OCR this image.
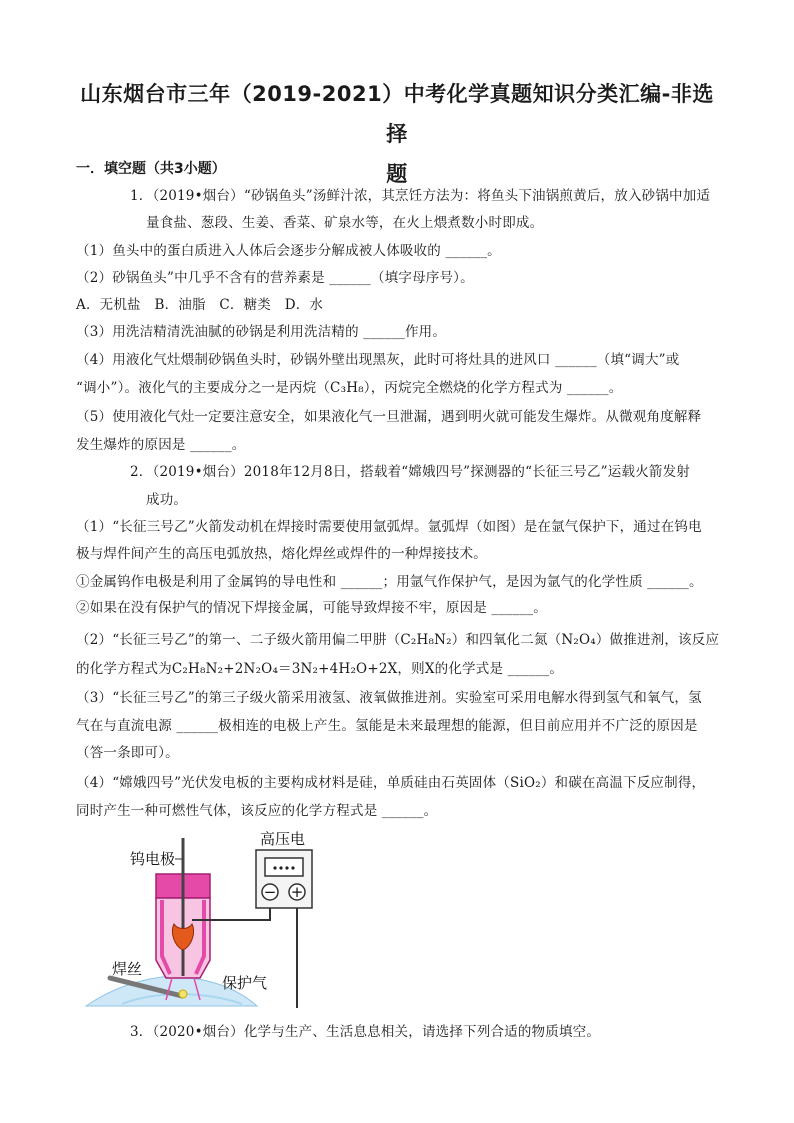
山东烟台市三年（2019-2021）中考化学真题知识分类汇编-非选择
题
一．填空题（共3小题）
1．（2019•烟台）“砂锅鱼头”汤鲜汁浓，其烹饪方法为：将鱼头下油锅煎黄后，放入砂锅中加适
量食盐、葱段、生姜、香菜、矿泉水等，在火上煨煮数小时即成。
（1）鱼头中的蛋白质进入人体后会逐步分解成被人体吸收的 ______。
（2）砂锅鱼头”中几乎不含有的营养素是 ______（填字母序号）。
A．无机盐　B．油脂　C．糖类　D．水
（3）用洗洁精清洗油腻的砂锅是利用洗洁精的 ______作用。
（4）用液化气灶煨制砂锅鱼头时，砂锅外壁出现黑灰，此时可将灶具的进风口 ______（填“调大”或
“调小”）。液化气的主要成分之一是丙烷（C₃H₈），丙烷完全燃烧的化学方程式为 ______。
（5）使用液化气灶一定要注意安全，如果液化气一旦泄漏，遇到明火就可能发生爆炸。从微观角度解释
发生爆炸的原因是 ______。
2．（2019•烟台）2018年12月8日，搭载着“嫦娥四号”探测器的“长征三号乙”运载火箭发射
成功。
（1）“长征三号乙”火箭发动机在焊接时需要使用氩弧焊。氩弧焊（如图）是在氩气保护下，通过在钨电
极与焊件间产生的高压电弧放热，熔化焊丝或焊件的一种焊接技术。
①金属钨作电极是利用了金属钨的导电性和 ______；用氩气作保护气，是因为氩气的化学性质 ______。
②如果在没有保护气的情况下焊接金属，可能导致焊接不牢，原因是 ______。
（2）“长征三号乙”的第一、二子级火箭用偏二甲肼（C₂H₈N₂）和四氧化二氮（N₂O₄）做推进剂，该反应
的化学方程式为C₂H₈N₂+2N₂O₄＝3N₂+4H₂O+2X，则X的化学式是 ______。
（3）“长征三号乙”的第三子级火箭采用液氢、液氧做推进剂。实验室可采用电解水得到氢气和氧气，氢
气在与直流电源 ______极相连的电极上产生。氢能是未来最理想的能源，但目前应用并不广泛的原因是
（答一条即可）。
（4）“嫦娥四号”光伏发电板的主要构成材料是硅，单质硅由石英固体（SiO₂）和碳在高温下反应制得，
同时产生一种可燃性气体，该反应的化学方程式是 ______。
− +
钨电极
高压电
焊丝
保护气
3．（2020•烟台）化学与生产、生活息息相关，请选择下列合适的物质填空。
